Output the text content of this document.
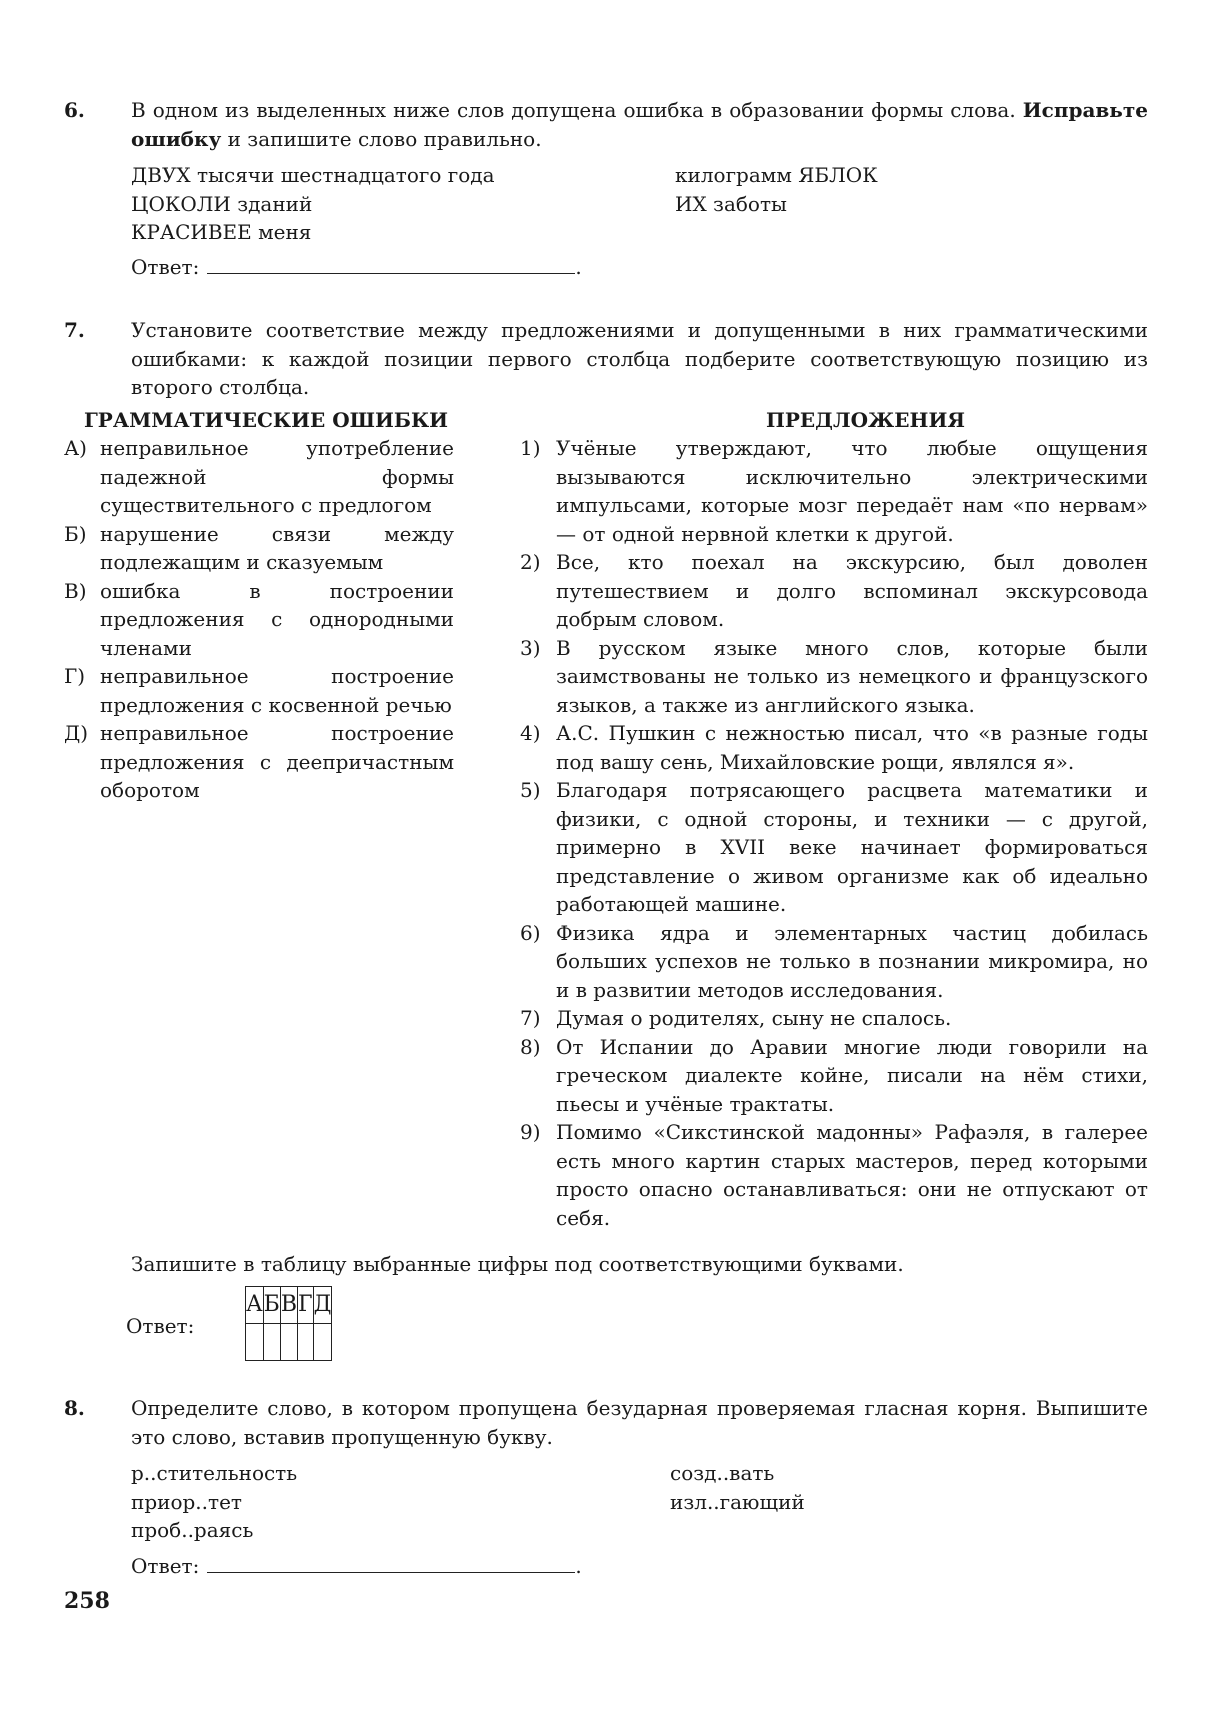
6. В одном из выделенных ниже слов допущена ошибка в образовании формы слова. Исправьте ошибку и запишите слово правильно.
ДВУХ тысячи шестнадцатого года
ЦОКОЛИ зданий
КРАСИВЕЕ меня
килограмм ЯБЛОК
ИХ заботы
Ответ:	.
7. Установите соответствие между предложениями и допущенными в них грамматическими ошибками: к каждой позиции первого столбца подберите соответствующую позицию из второго столбца.
ГРАММАТИЧЕСКИЕ ОШИБКИ	ПРЕДЛОЖЕНИЯ
А) неправильное употребление падежной формы существительного с предлогом
Б) нарушение связи между подлежащим и сказуемым
В) ошибка в построении предложения с однородными членами
Г) неправильное построение предложения с косвенной речью
Д) неправильное построение предложения с деепричастным оборотом
1) Учёные утверждают, что любые ощущения вызываются исключительно электрическими импульсами, которые мозг передаёт нам «по нервам» — от одной нервной клетки к другой.
2) Все, кто поехал на экскурсию, был доволен путешествием и долго вспоминал экскурсовода добрым словом.
3) В русском языке много слов, которые были заимствованы не только из немецкого и французского языков, а также из английского языка.
4) А.С. Пушкин с нежностью писал, что «в разные годы под вашу сень, Михайловские рощи, являлся я».
5) Благодаря потрясающего расцвета математики и физики, с одной стороны, и техники — с другой, примерно в XVII веке начинает формироваться представление о живом организме как об идеально работающей машине.
6) Физика ядра и элементарных частиц добилась больших успехов не только в познании микромира, но и в развитии методов исследования.
7) Думая о родителях, сыну не спалось.
8) От Испании до Аравии многие люди говорили на греческом диалекте койне, писали на нём стихи, пьесы и учёные трактаты.
9) Помимо «Сикстинской мадонны» Рафаэля, в галерее есть много картин старых мастеров, перед которыми просто опасно останавливаться: они не отпускают от себя.
Запишите в таблицу выбранные цифры под соответствующими буквами.
Ответ:
А	Б	В	Г	Д

8. Определите слово, в котором пропущена безударная проверяемая гласная корня. Выпишите это слово, вставив пропущенную букву.
р..стительность
приор..тет
проб..раясь
созд..вать
изл..гающий
Ответ:	.
258
